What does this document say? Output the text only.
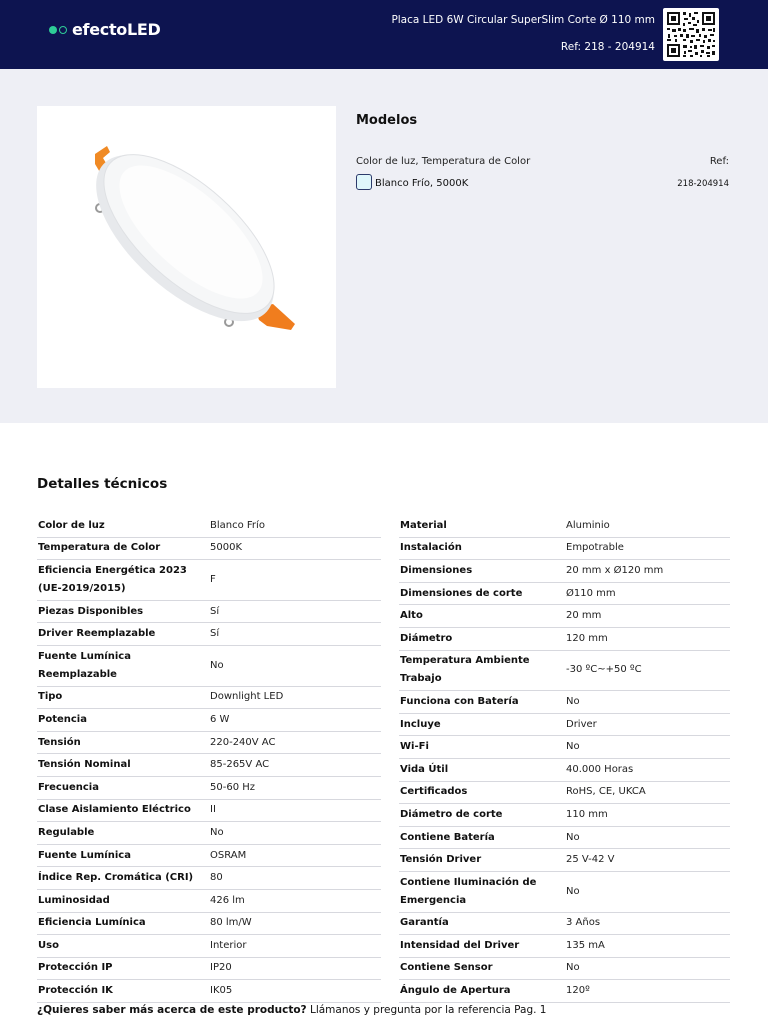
efectoLED	Placa LED 6W Circular SuperSlim Corte Ø 110 mm
Ref: 218 - 204914
Modelos
Color de luz, Temperatura de Color	Ref:
Blanco Frío, 5000K	218-204914
Detalles técnicos
Color de luz	Blanco Frío
Temperatura de Color	5000K
Eficiencia Energética 2023 (UE-2019/2015)	F
Piezas Disponibles	Sí
Driver Reemplazable	Sí
Fuente Lumínica Reemplazable	No
Tipo	Downlight LED
Potencia	6 W
Tensión	220-240V AC
Tensión Nominal	85-265V AC
Frecuencia	50-60 Hz
Clase Aislamiento Eléctrico	II
Regulable	No
Fuente Lumínica	OSRAM
Índice Rep. Cromática (CRI)	80
Luminosidad	426 lm
Eficiencia Lumínica	80 lm/W
Uso	Interior
Protección IP	IP20
Protección IK	IK05
Material	Aluminio
Instalación	Empotrable
Dimensiones	20 mm x Ø120 mm
Dimensiones de corte	Ø110 mm
Alto	20 mm
Diámetro	120 mm
Temperatura Ambiente Trabajo	-30 ºC~+50 ºC
Funciona con Batería	No
Incluye	Driver
Wi-Fi	No
Vida Útil	40.000 Horas
Certificados	RoHS, CE, UKCA
Diámetro de corte	110 mm
Contiene Batería	No
Tensión Driver	25 V-42 V
Contiene Iluminación de Emergencia	No
Garantía	3 Años
Intensidad del Driver	135 mA
Contiene Sensor	No
Ángulo de Apertura	120º
¿Quieres saber más acerca de este producto? Llámanos y pregunta por la referencia Pag. 1
